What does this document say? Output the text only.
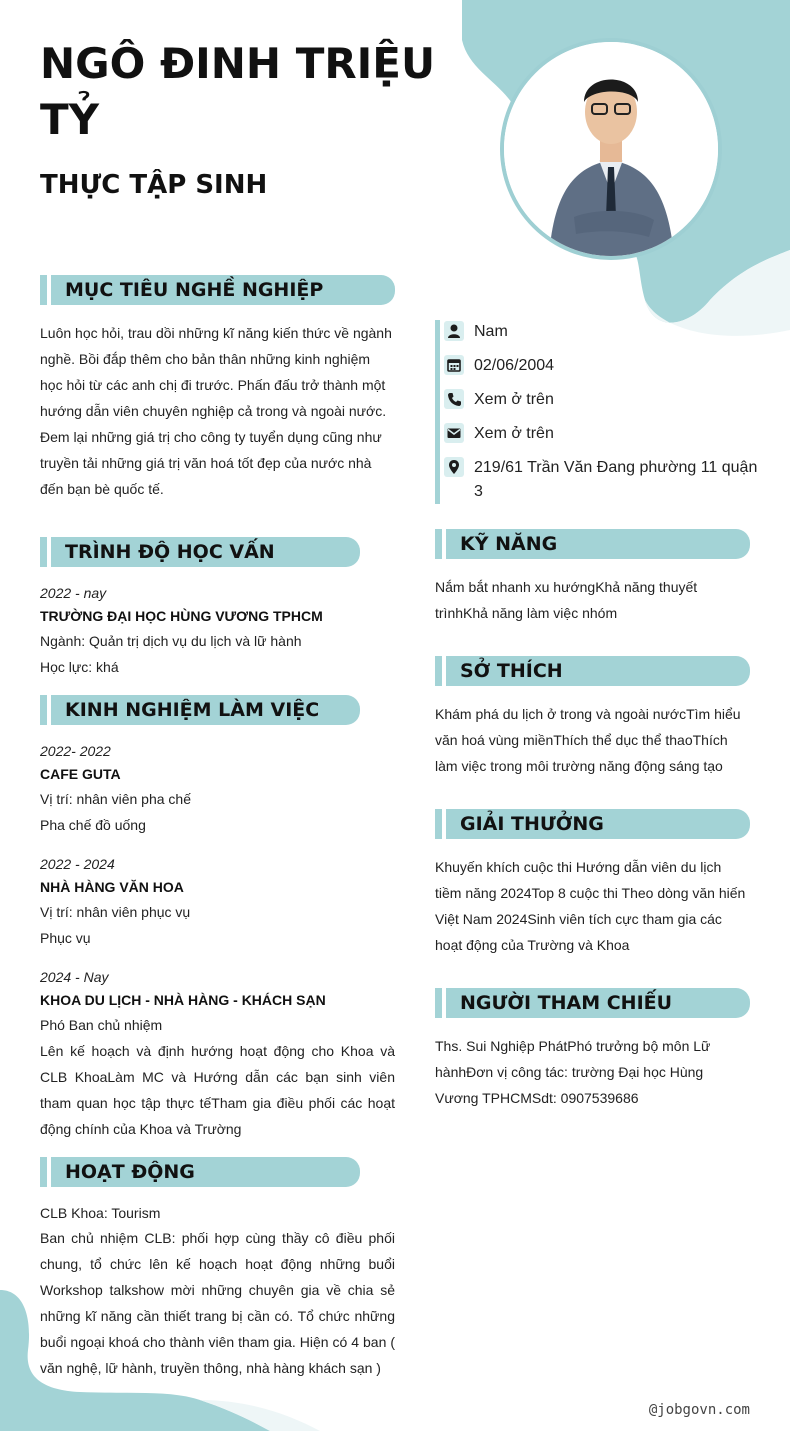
NGÔ ĐINH TRIỆU TỶ
THỰC TẬP SINH
MỤC TIÊU NGHỀ NGHIỆP

Luôn học hỏi, trau dồi những kĩ năng kiến thức về ngành nghề. Bồi đắp thêm cho bản thân những kinh nghiệm học hỏi từ các anh chị đi trước. Phấn đấu trở thành một hướng dẫn viên chuyên nghiệp cả trong và ngoài nước. Đem lại những giá trị cho công ty tuyển dụng cũng như truyền tải những giá trị văn hoá tốt đẹp của nước nhà đến bạn bè quốc tế.

TRÌNH ĐỘ HỌC VẤN
2022 - nay
TRƯỜNG ĐẠI HỌC HÙNG VƯƠNG TPHCM
Ngành: Quản trị dịch vụ du lịch và lữ hành
Học lực: khá
KINH NGHIỆM LÀM VIỆC
2022- 2022
CAFE GUTA
Vị trí: nhân viên pha chế
Pha chế đồ uống
2022 - 2024
NHÀ HÀNG VĂN HOA
Vị trí: nhân viên phục vụ
Phục vụ
2024 - Nay
KHOA DU LỊCH - NHÀ HÀNG - KHÁCH SẠN
Phó Ban chủ nhiệm

Lên kế hoạch và định hướng hoạt động cho Khoa và CLB KhoaLàm MC và Hướng dẫn các bạn sinh viên tham quan học tập thực tếTham gia điều phối các hoạt động chính của Khoa và Trường

HOẠT ĐỘNG
CLB Khoa: Tourism

Ban chủ nhiệm CLB: phối hợp cùng thầy cô điều phối chung, tổ chức lên kế hoạch hoạt động những buổi Workshop talkshow mời những chuyên gia về chia sẻ những kĩ năng cần thiết trang bị cần có. Tổ chức những buổi ngoại khoá cho thành viên tham gia. Hiện có 4 ban ( văn nghệ, lữ hành, truyền thông, nhà hàng khách sạn )

Nam
02/06/2004
Xem ở trên
Xem ở trên
219/61 Trần Văn Đang phường 11 quận 3
KỸ NĂNG

Nắm bắt nhanh xu hướngKhả năng thuyết trìnhKhả năng làm việc nhóm

SỞ THÍCH

Khám phá du lịch ở trong và ngoài nướcTìm hiểu văn hoá vùng miềnThích thể dục thể thaoThích làm việc trong môi trường năng động sáng tạo

GIẢI THƯỞNG

Khuyến khích cuộc thi Hướng dẫn viên du lịch tiềm năng 2024Top 8 cuộc thi Theo dòng văn hiến Việt Nam 2024Sinh viên tích cực tham gia các hoạt động của Trường và Khoa

NGƯỜI THAM CHIẾU

Ths. Sui Nghiệp PhátPhó trưởng bộ môn Lữ hànhĐơn vị công tác: trường Đại học Hùng Vương TPHCMSdt: 0907539686

@jobgovn.com
